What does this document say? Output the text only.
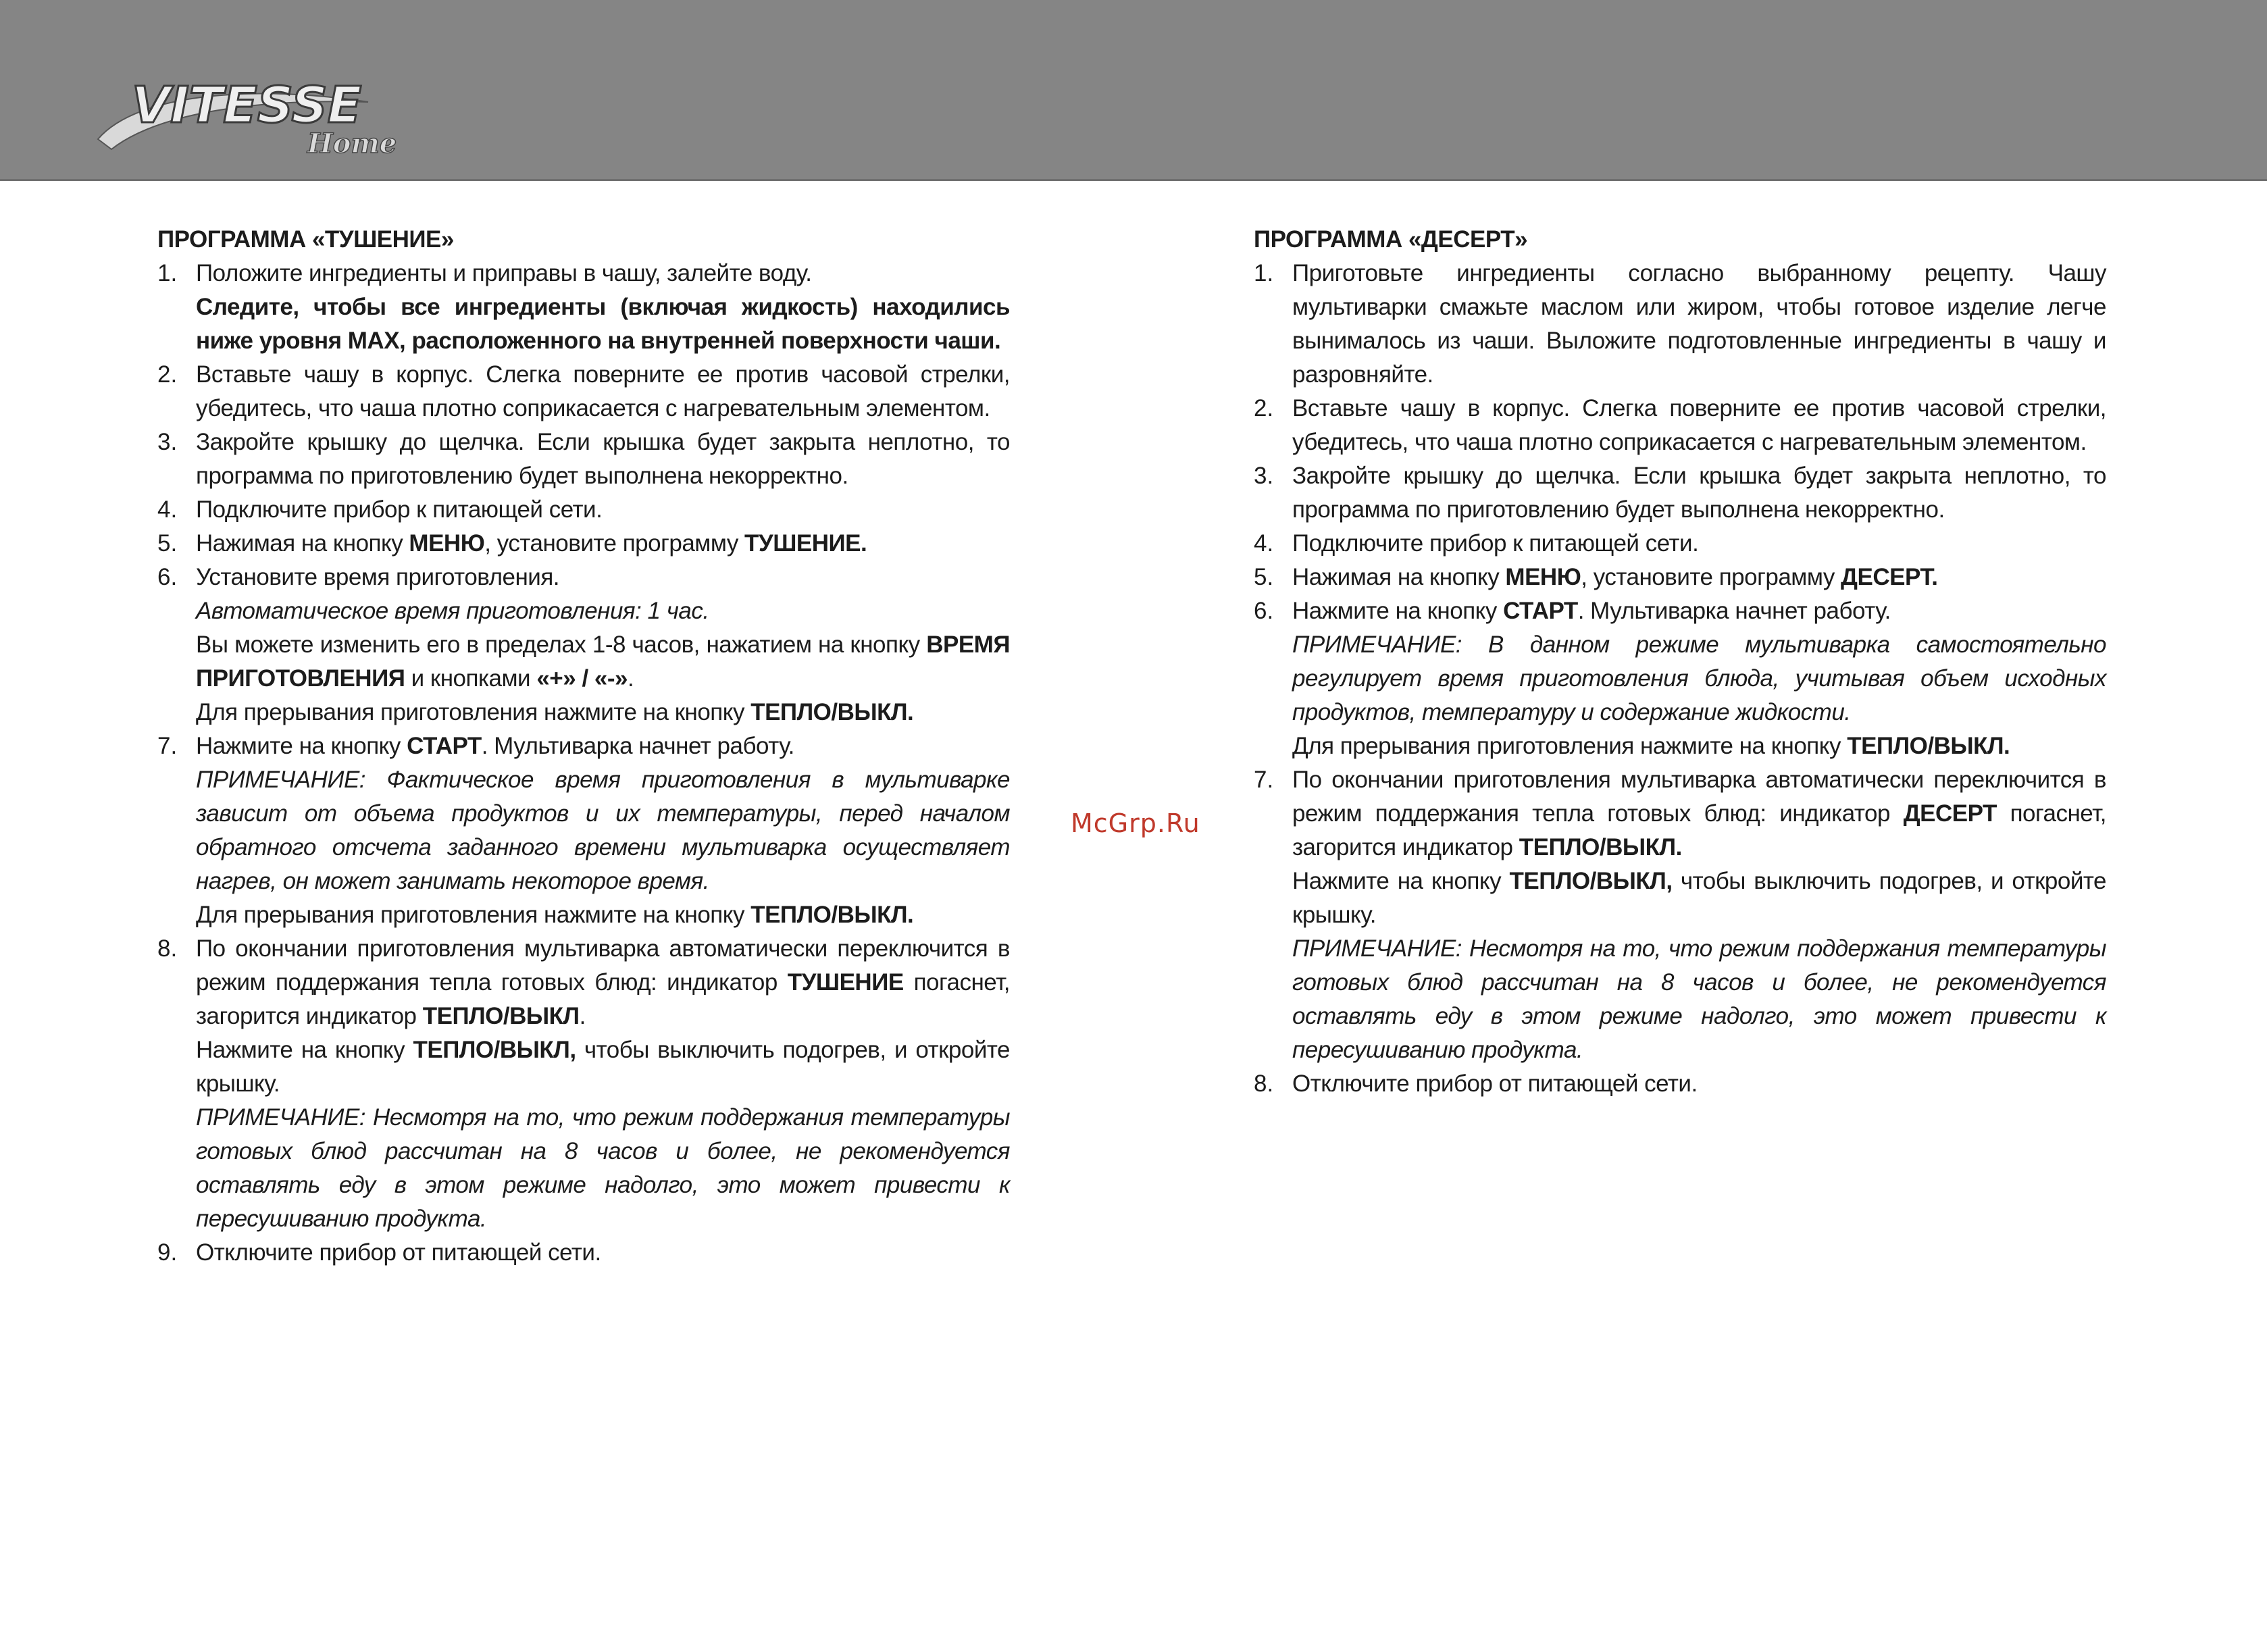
VITESSE
Home
McGrp.Ru

ПРОГРАММА «ТУШЕНИЕ»

1. Положите ингредиенты и приправы в чашу, залейте воду.

Следите, чтобы все ингредиенты (включая жидкость) находились ниже уровня MAX, расположенного на внутренней поверхности чаши.

2. Вставьте чашу в корпус. Слегка поверните ее против часовой стрелки, убедитесь, что чаша плотно соприкасается с нагревательным элементом.

3. Закройте крышку до щелчка. Если крышка будет закрыта неплотно, то программа по приготовлению будет выполнена некорректно.

4. Подключите прибор к питающей сети.

5. Нажимая на кнопку МЕНЮ, установите программу ТУШЕНИЕ.

6. Установите время приготовления.

Автоматическое время приготовления: 1 час.

Вы можете изменить его в пределах 1-8 часов, нажатием на кнопку ВРЕМЯ ПРИГОТОВЛЕНИЯ и кнопками «+» / «-».

Для прерывания приготовления нажмите на кнопку ТЕПЛО/ВЫКЛ.

7. Нажмите на кнопку СТАРТ. Мультиварка начнет работу.

ПРИМЕЧАНИЕ: Фактическое время приготовления в мультиварке зависит от объема продуктов и их температуры, перед началом обратного отсчета заданного времени мультиварка осуществляет нагрев, он может занимать некоторое время.

Для прерывания приготовления нажмите на кнопку ТЕПЛО/ВЫКЛ.

8. По окончании приготовления мультиварка автоматически переключится в режим поддержания тепла готовых блюд: индикатор ТУШЕНИЕ погаснет, загорится индикатор ТЕПЛО/ВЫКЛ.

Нажмите на кнопку ТЕПЛО/ВЫКЛ, чтобы выключить подогрев, и откройте крышку.

ПРИМЕЧАНИЕ: Несмотря на то, что режим поддержания температуры готовых блюд рассчитан на 8 часов и более, не рекомендуется оставлять еду в этом режиме надолго, это может привести к пересушиванию продукта.

9. Отключите прибор от питающей сети.

ПРОГРАММА «ДЕСЕРТ»

1. Приготовьте ингредиенты согласно выбранному рецепту. Чашу мультиварки смажьте маслом или жиром, чтобы готовое изделие легче вынималось из чаши. Выложите подготовленные ингредиенты в чашу и разровняйте.

2. Вставьте чашу в корпус. Слегка поверните ее против часовой стрелки, убедитесь, что чаша плотно соприкасается с нагревательным элементом.

3. Закройте крышку до щелчка. Если крышка будет закрыта неплотно, то программа по приготовлению будет выполнена некорректно.

4. Подключите прибор к питающей сети.

5. Нажимая на кнопку МЕНЮ, установите программу ДЕСЕРТ.

6. Нажмите на кнопку СТАРТ. Мультиварка начнет работу.

ПРИМЕЧАНИЕ: В данном режиме мультиварка самостоятельно регулирует время приготовления блюда, учитывая объем исходных продуктов, температуру и содержание жидкости.

Для прерывания приготовления нажмите на кнопку ТЕПЛО/ВЫКЛ.

7. По окончании приготовления мультиварка автоматически переключится в режим поддержания тепла готовых блюд: индикатор ДЕСЕРТ погаснет, загорится индикатор ТЕПЛО/ВЫКЛ.

Нажмите на кнопку ТЕПЛО/ВЫКЛ, чтобы выключить подогрев, и откройте крышку.

ПРИМЕЧАНИЕ: Несмотря на то, что режим поддержания температуры готовых блюд рассчитан на 8 часов и более, не рекомендуется оставлять еду в этом режиме надолго, это может привести к пересушиванию продукта.

8. Отключите прибор от питающей сети.
